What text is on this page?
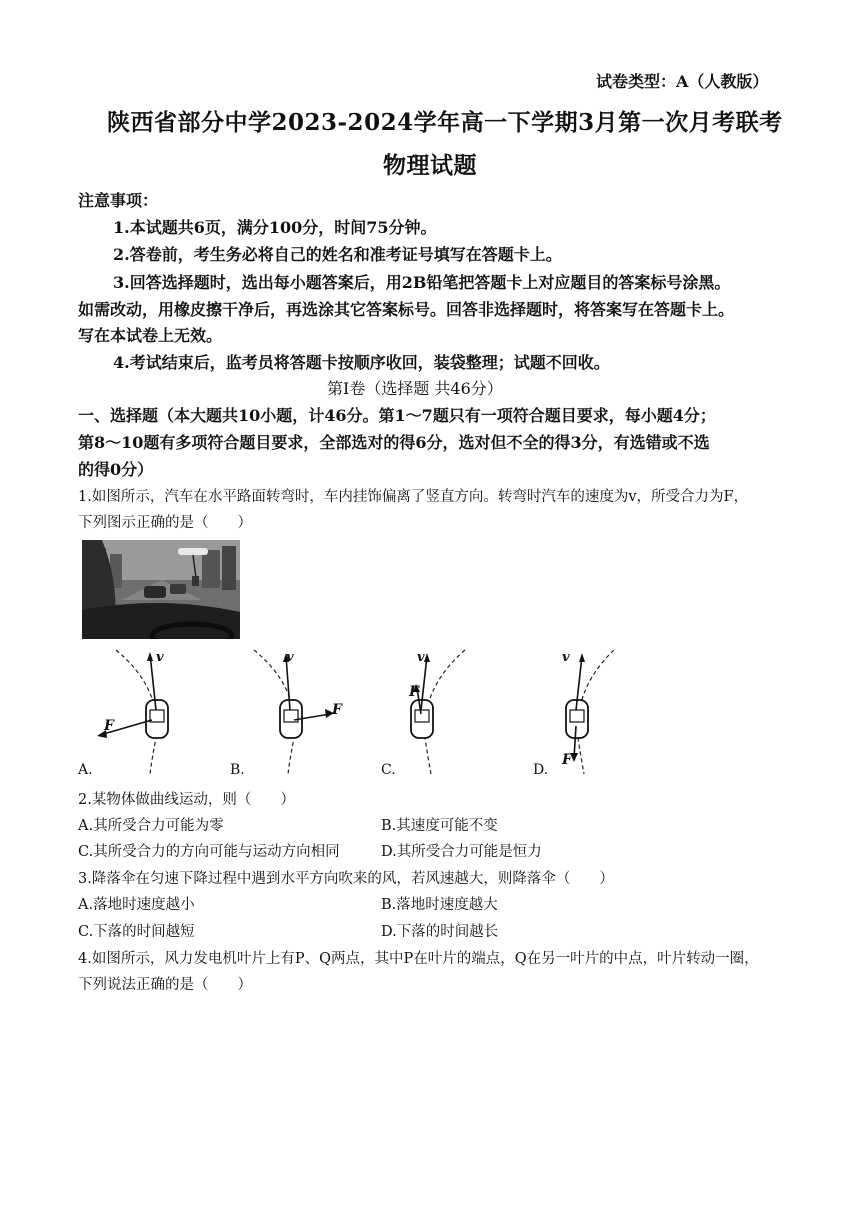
试卷类型：A（人教版）
陕西省部分中学2023-2024学年高一下学期3月第一次月考联考
物理试题
注意事项：
1.本试题共6页，满分100分，时间75分钟。
2.答卷前，考生务必将自己的姓名和准考证号填写在答题卡上。
3.回答选择题时，选出每小题答案后，用2B铅笔把答题卡上对应题目的答案标号涂黑。
如需改动，用橡皮擦干净后，再选涂其它答案标号。回答非选择题时，将答案写在答题卡上。
写在本试卷上无效。
4.考试结束后，监考员将答题卡按顺序收回，装袋整理；试题不回收。
第Ⅰ卷（选择题 共46分）
一、选择题（本大题共10小题，计46分。第1～7题只有一项符合题目要求，每小题4分；
第8～10题有多项符合题目要求，全部选对的得6分，选对但不全的得3分，有选错或不选
的得0分）
1.如图所示，汽车在水平路面转弯时，车内挂饰偏离了竖直方向。转弯时汽车的速度为v，所受合力为F，
下列图示正确的是（　　）
v
F
A.
v
F
B.
v
F
C.
v
F
D.
2.某物体做曲线运动，则（　　）
A.其所受合力可能为零	B.其速度可能不变
C.其所受合力的方向可能与运动方向相同	D.其所受合力可能是恒力
3.降落伞在匀速下降过程中遇到水平方向吹来的风，若风速越大，则降落伞（　　）
A.落地时速度越小	B.落地时速度越大
C.下落的时间越短	D.下落的时间越长
4.如图所示，风力发电机叶片上有P、Q两点，其中P在叶片的端点，Q在另一叶片的中点，叶片转动一圈，
下列说法正确的是（　　）
